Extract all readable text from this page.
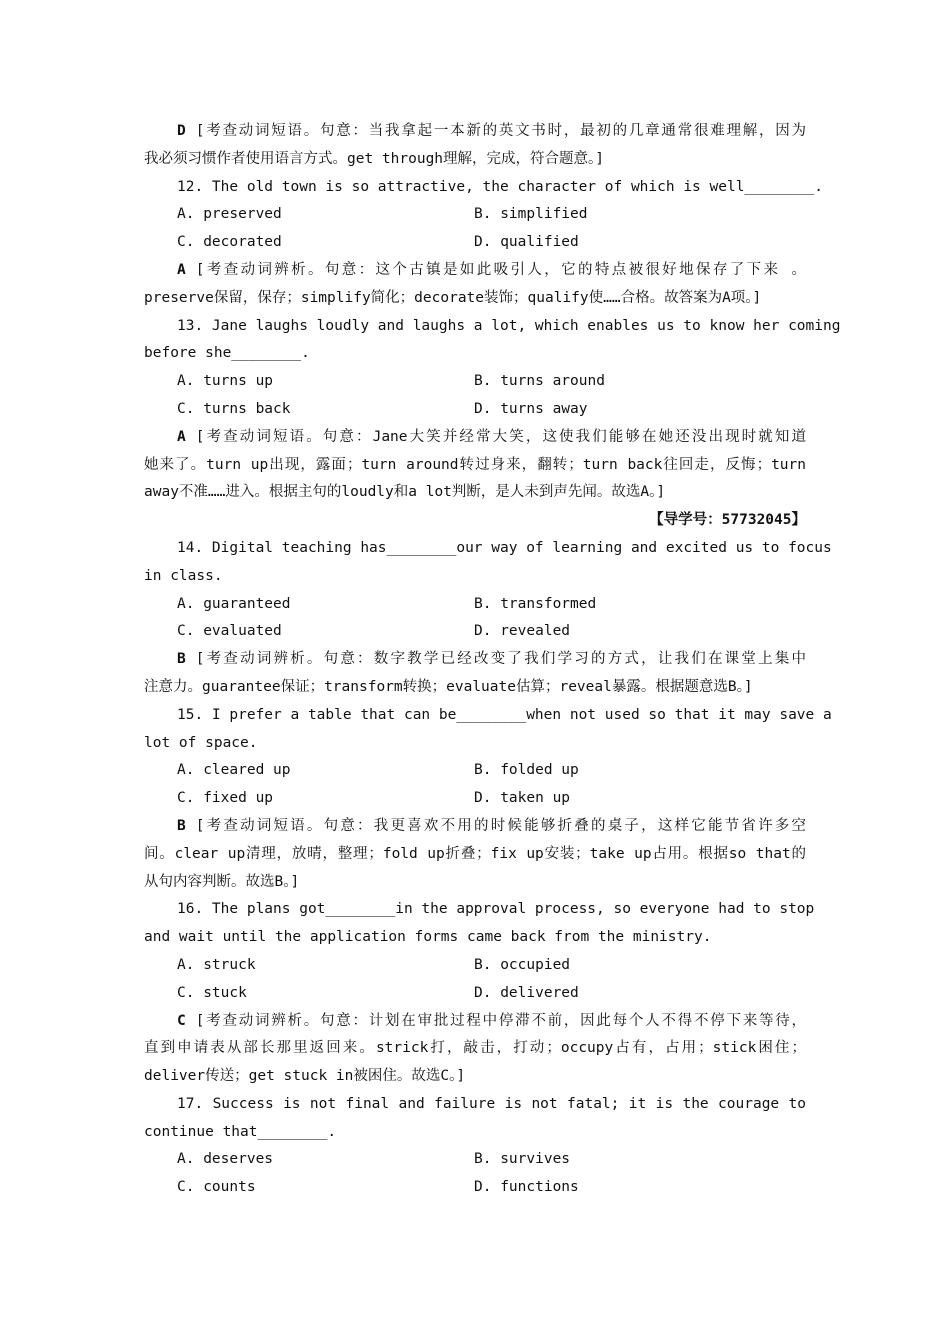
D [考查动词短语。句意：当我拿起一本新的英文书时，最初的几章通常很难理解，因为
我必须习惯作者使用语言方式。get through理解，完成，符合题意。]
12. The old town is so attractive, the character of which is well________.
A. preserved	B. simplified
C. decorated	D. qualified
A [考查动词辨析。句意：这个古镇是如此吸引人，它的特点被很好地保存了下来 。
preserve保留，保存；simplify简化；decorate装饰；qualify使……合格。故答案为A项。]
13. Jane laughs loudly and laughs a lot, which enables us to know her coming
before she________.
A. turns up	B. turns around
C. turns back	D. turns away
A [考查动词短语。句意：Jane大笑并经常大笑，这使我们能够在她还没出现时就知道
她来了。turn up出现，露面；turn around转过身来，翻转；turn back往回走，反悔；turn
away不准……进入。根据主句的loudly和a lot判断，是人未到声先闻。故选A。]
【导学号：57732045】
14. Digital teaching has________our way of learning and excited us to focus
in class.
A. guaranteed	B. transformed
C. evaluated	D. revealed
B [考查动词辨析。句意：数字教学已经改变了我们学习的方式，让我们在课堂上集中
注意力。guarantee保证；transform转换；evaluate估算；reveal暴露。根据题意选B。]
15. I prefer a table that can be________when not used so that it may save a
lot of space.
A. cleared up	B. folded up
C. fixed up	D. taken up
B [考查动词短语。句意：我更喜欢不用的时候能够折叠的桌子，这样它能节省许多空
间。clear up清理，放晴，整理；fold up折叠；fix up安装；take up占用。根据so that的
从句内容判断。故选B。]
16. The plans got________in the approval process, so everyone had to stop
and wait until the application forms came back from the ministry.
A. struck	B. occupied
C. stuck	D. delivered
C [考查动词辨析。句意：计划在审批过程中停滞不前，因此每个人不得不停下来等待，
直到申请表从部长那里返回来。strick打，敲击，打动；occupy占有，占用；stick困住；
deliver传送；get stuck in被困住。故选C。]
17. Success is not final and failure is not fatal; it is the courage to
continue that________.
A. deserves	B. survives
C. counts	D. functions
